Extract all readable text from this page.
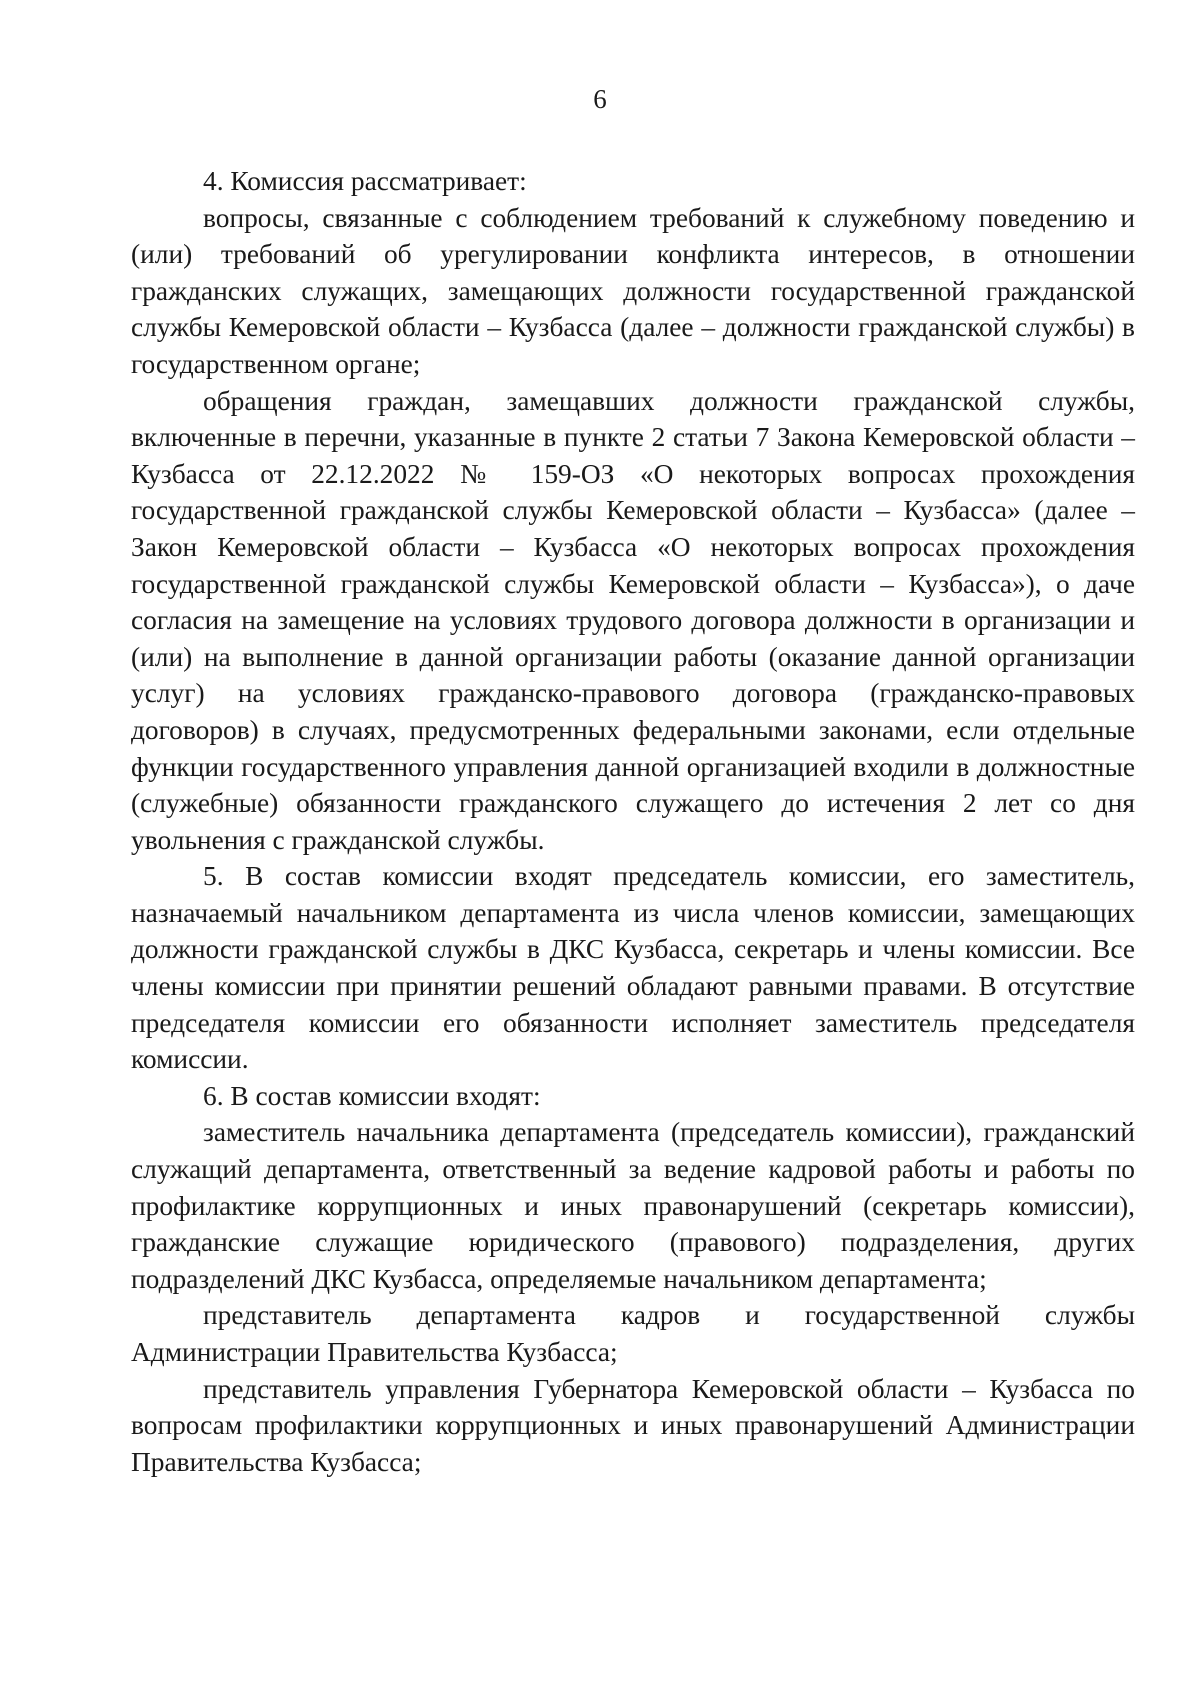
6

4. Комиссия рассматривает:

вопросы, связанные с соблюдением требований к служебному поведению и (или) требований об урегулировании конфликта интересов, в отношении гражданских служащих, замещающих должности государственной гражданской службы Кемеровской области – Кузбасса (далее – должности гражданской службы) в государственном органе;

обращения граждан, замещавших должности гражданской службы, включенные в перечни, указанные в пункте 2 статьи 7 Закона Кемеровской области – Кузбасса от 22.12.2022 № 159-ОЗ «О некоторых вопросах прохождения государственной гражданской службы Кемеровской области – Кузбасса» (далее – Закон Кемеровской области – Кузбасса «О некоторых вопросах прохождения государственной гражданской службы Кемеровской области – Кузбасса»), о даче согласия на замещение на условиях трудового договора должности в организации и (или) на выполнение в данной организации работы (оказание данной организации услуг) на условиях гражданско-правового договора (гражданско-правовых договоров) в случаях, предусмотренных федеральными законами, если отдельные функции государственного управления данной организацией входили в должностные (служебные) обязанности гражданского служащего до истечения 2 лет со дня увольнения с гражданской службы.

5. В состав комиссии входят председатель комиссии, его заместитель, назначаемый начальником департамента из числа членов комиссии, замещающих должности гражданской службы в ДКС Кузбасса, секретарь и члены комиссии. Все члены комиссии при принятии решений обладают равными правами. В отсутствие председателя комиссии его обязанности исполняет заместитель председателя комиссии.

6. В состав комиссии входят:

заместитель начальника департамента (председатель комиссии), гражданский служащий департамента, ответственный за ведение кадровой работы и работы по профилактике коррупционных и иных правонарушений (секретарь комиссии), гражданские служащие юридического (правового) подразделения, других подразделений ДКС Кузбасса, определяемые начальником департамента;

представитель департамента кадров и государственной службы Администрации Правительства Кузбасса;

представитель управления Губернатора Кемеровской области – Кузбасса по вопросам профилактики коррупционных и иных правонарушений Администрации Правительства Кузбасса;
